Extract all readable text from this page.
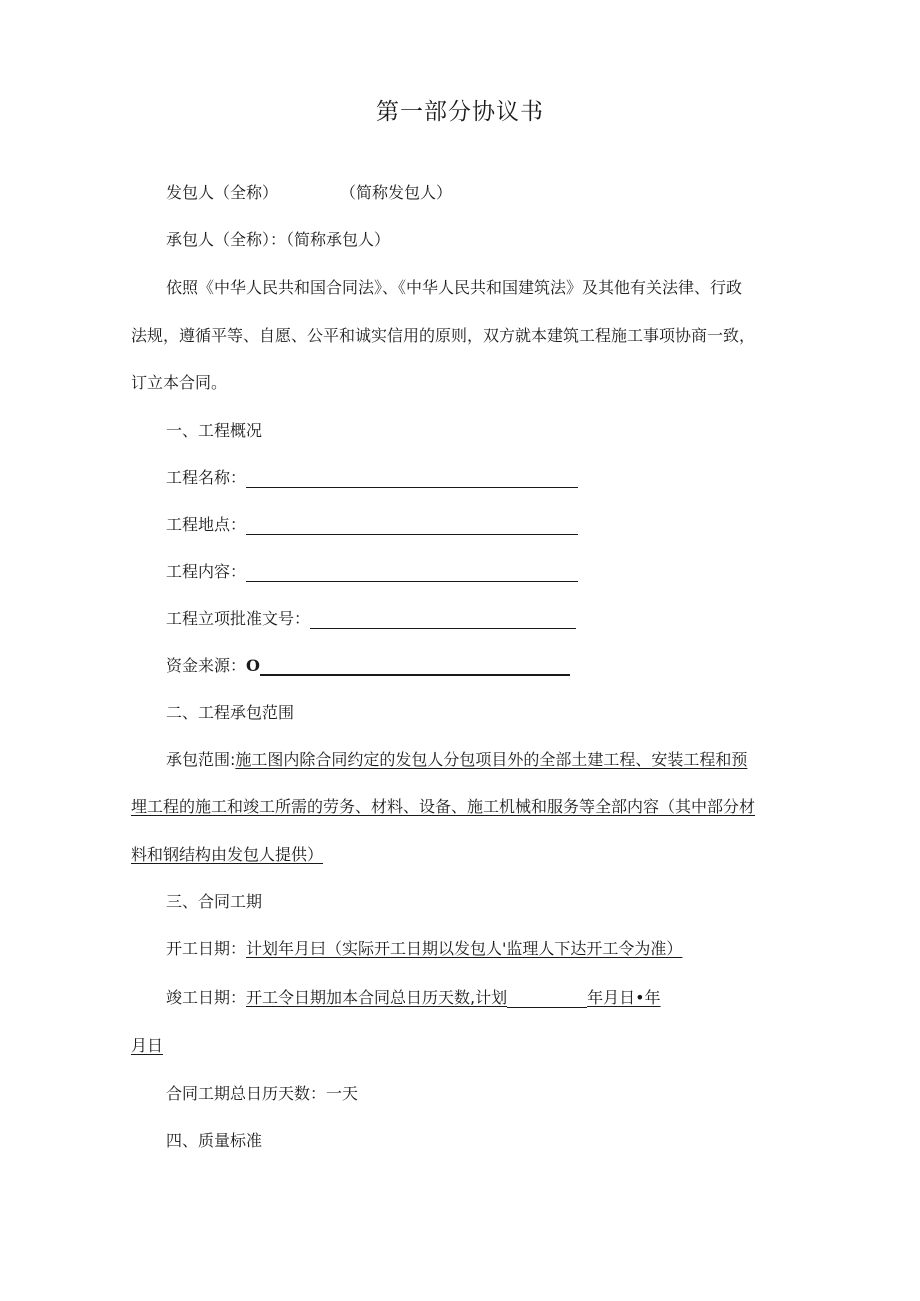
第一部分协议书
发包人（全称）	（简称发包人）
承包人（全称）：（简称承包人）
依照《中华人民共和国合同法》、《中华人民共和国建筑法》及其他有关法律、行政
法规，遵循平等、自愿、公平和诚实信用的原则，双方就本建筑工程施工事项协商一致，
订立本合同。
一、工程概况
工程名称：
工程地点：
工程内容：
工程立项批准文号：
资金来源：O
二、工程承包范围
承包范围:施工图内除合同约定的发包人分包项目外的全部土建工程、安装工程和预
埋工程的施工和竣工所需的劳务、材料、设备、施工机械和服务等全部内容（其中部分材
料和钢结构由发包人提供）
三、合同工期
开工日期：计划年月曰（实际开工日期以发包人'监理人下达开工令为准）
竣工日期：开工令日期加本合同总日历天数,计划	年月日•年
月日
合同工期总日历天数：一天
四、质量标准
